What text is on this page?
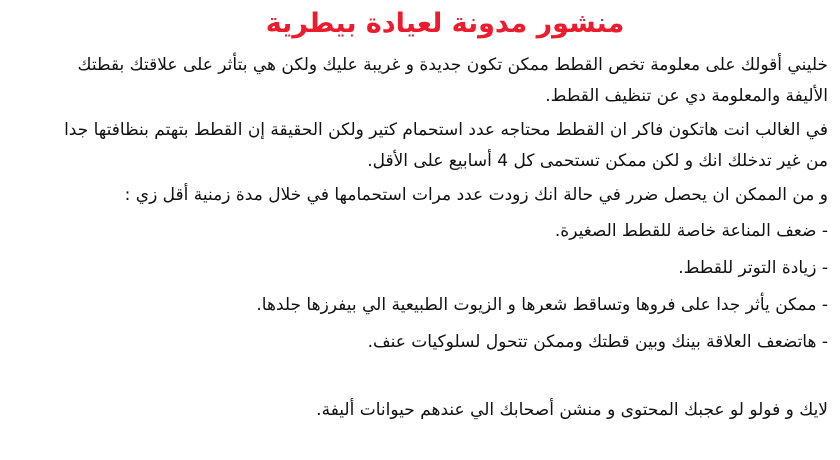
منشور مدونة لعيادة بيطرية

خليني أقولك على معلومة تخص القطط ممكن تكون جديدة و غريبة عليك ولكن هي بتأثر على علاقتك بقطتك الأليفة والمعلومة دي عن تنظيف القطط.

في الغالب انت هاتكون فاكر ان القطط محتاجه عدد استحمام كتير ولكن الحقيقة إن القطط بتهتم بنظافتها جدا من غير تدخلك انك و لكن ممكن تستحمى كل 4 أسابيع على الأقل.

و من الممكن ان يحصل ضرر في حالة انك زودت عدد مرات استحمامها في خلال مدة زمنية أقل زي :

- ضعف المناعة خاصة للقطط الصغيرة.

- زيادة التوتر للقطط.

- ممكن يأثر جدا على فروها وتساقط شعرها و الزيوت الطبيعية الي بيفرزها جلدها.

- هاتضعف العلاقة بينك وبين قطتك وممكن تتحول لسلوكيات عنف.

لايك و فولو لو عجبك المحتوى و منشن أصحابك الي عندهم حيوانات أليفة.
